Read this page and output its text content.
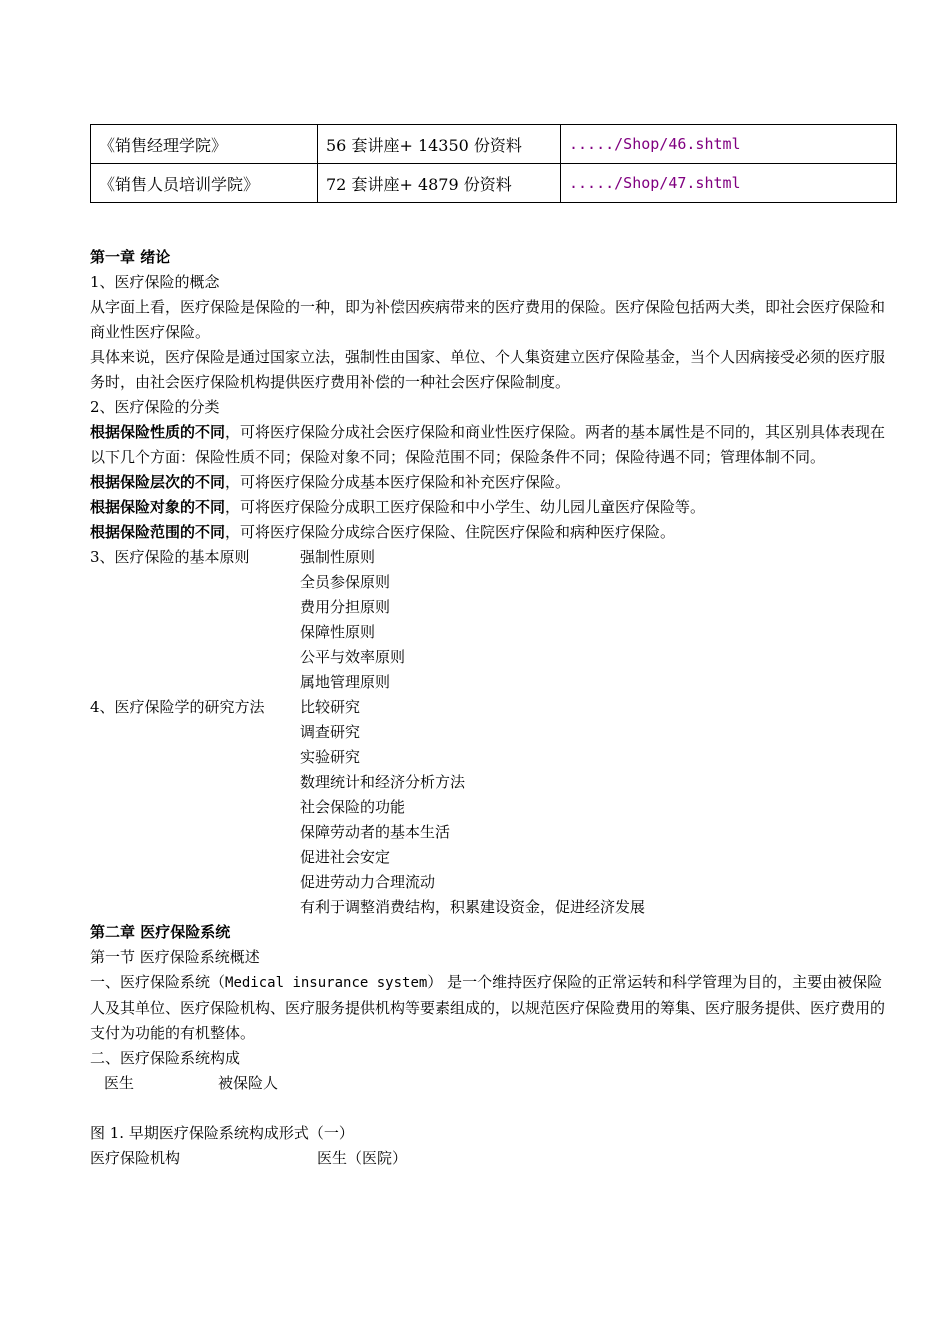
《销售经理学院》	56 套讲座+ 14350 份资料	...../Shop/46.shtml
《销售人员培训学院》	72 套讲座+ 4879 份资料	...../Shop/47.shtml

第一章 绪论

1、医疗保险的概念

从字面上看，医疗保险是保险的一种，即为补偿因疾病带来的医疗费用的保险。医疗保险包括两大类，即社会医疗保险和商业性医疗保险。

具体来说，医疗保险是通过国家立法，强制性由国家、单位、个人集资建立医疗保险基金，当个人因病接受必须的医疗服务时，由社会医疗保险机构提供医疗费用补偿的一种社会医疗保险制度。

2、医疗保险的分类

根据保险性质的不同，可将医疗保险分成社会医疗保险和商业性医疗保险。两者的基本属性是不同的，其区别具体表现在以下几个方面：保险性质不同；保险对象不同；保险范围不同；保险条件不同；保险待遇不同；管理体制不同。

根据保险层次的不同，可将医疗保险分成基本医疗保险和补充医疗保险。

根据保险对象的不同，可将医疗保险分成职工医疗保险和中小学生、幼儿园儿童医疗保险等。

根据保险范围的不同，可将医疗保险分成综合医疗保险、住院医疗保险和病种医疗保险。

3、医疗保险的基本原则	强制性原则

全员参保原则

费用分担原则

保障性原则

公平与效率原则

属地管理原则

4、医疗保险学的研究方法	比较研究

调查研究

实验研究

数理统计和经济分析方法

社会保险的功能

保障劳动者的基本生活

促进社会安定

促进劳动力合理流动

有利于调整消费结构，积累建设资金，促进经济发展

第二章 医疗保险系统

第一节 医疗保险系统概述

一、医疗保险系统（Medical insurance system） 是一个维持医疗保险的正常运转和科学管理为目的，主要由被保险人及其单位、医疗保险机构、医疗服务提供机构等要素组成的，以规范医疗保险费用的筹集、医疗服务提供、医疗费用的支付为功能的有机整体。

二、医疗保险系统构成

医生	被保险人

图 1. 早期医疗保险系统构成形式（一）

医疗保险机构	医生（医院）
